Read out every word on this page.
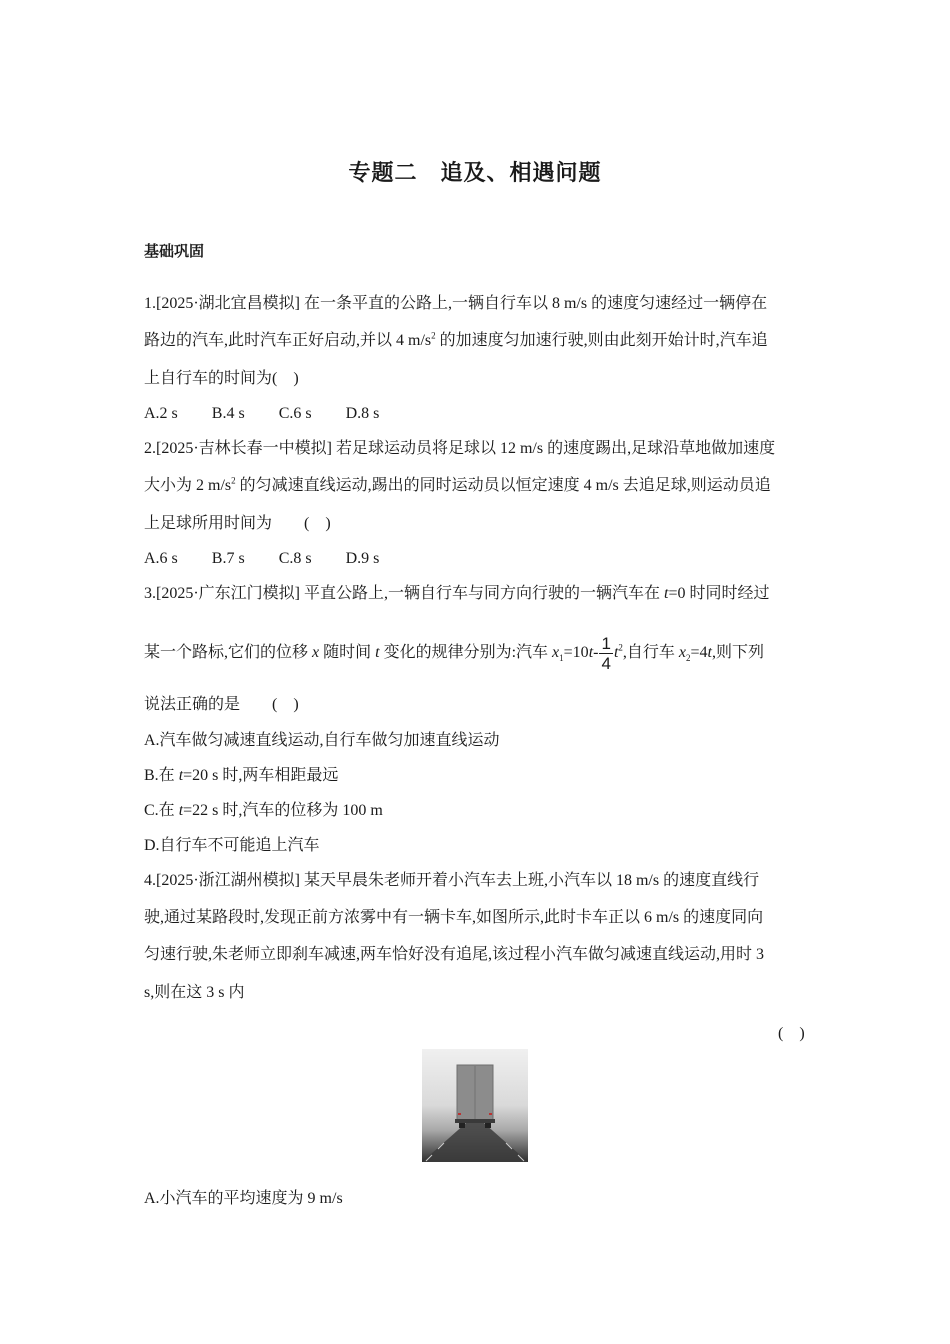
专题二　追及、相遇问题
基础巩固
1.[2025·湖北宜昌模拟] 在一条平直的公路上,一辆自行车以 8 m/s 的速度匀速经过一辆停在
路边的汽车,此时汽车正好启动,并以 4 $m/s^2$ 的加速度匀加速行驶,则由此刻开始计时,汽车追
上自行车的时间为(　)
A.2 s B.4 s C.6 s D.8 s
2.[2025·吉林长春一中模拟] 若足球运动员将足球以 12 m/s 的速度踢出,足球沿草地做加速度
大小为 2 $m/s^2$ 的匀减速直线运动,踢出的同时运动员以恒定速度 4 m/s 去追足球,则运动员追
上足球所用时间为　　(　)
A.6 s B.7 s C.8 s D.9 s
3.[2025·广东江门模拟] 平直公路上,一辆自行车与同方向行驶的一辆汽车在 t=0 时同时经过
某一个路标,它们的位移 x 随时间 t 变化的规律分别为:汽车 $x_1=10t- \frac{1}{4} t^2$,自行车 $x_2=4t$,则下列
说法正确的是　　(　)
A.汽车做匀减速直线运动,自行车做匀加速直线运动
B.在 t=20 s 时,两车相距最远
C.在 t=22 s 时,汽车的位移为 100 m
D.自行车不可能追上汽车
4.[2025·浙江湖州模拟] 某天早晨朱老师开着小汽车去上班,小汽车以 18 m/s 的速度直线行
驶,通过某路段时,发现正前方浓雾中有一辆卡车,如图所示,此时卡车正以 6 m/s 的速度同向
匀速行驶,朱老师立即刹车减速,两车恰好没有追尾,该过程小汽车做匀减速直线运动,用时 3
s,则在这 3 s 内
(　)
A.小汽车的平均速度为 9 m/s
